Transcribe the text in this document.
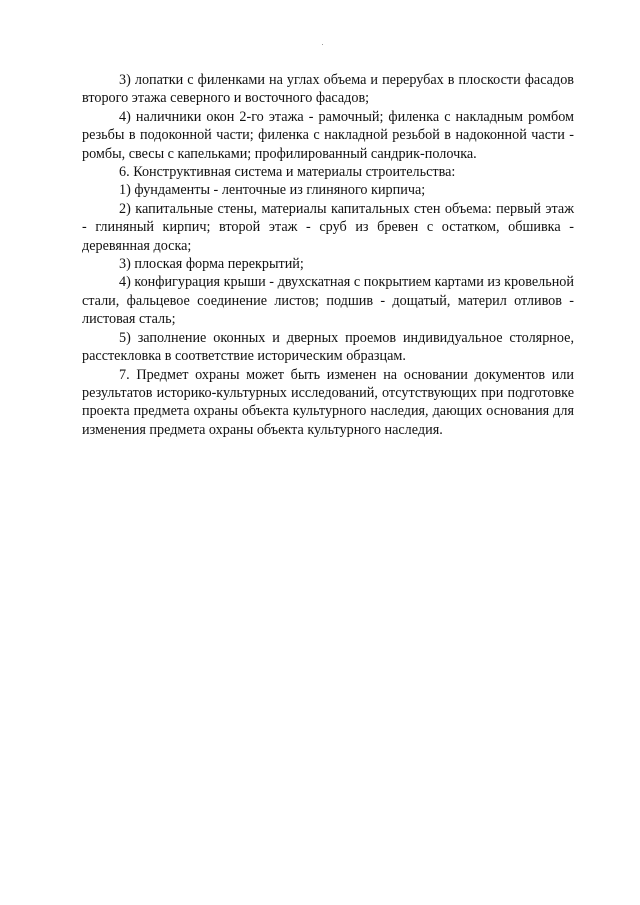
3) лопатки с филенками на углах объема и перерубах в плоскости фасадов второго этажа северного и восточного фасадов;

4) наличники окон 2-го этажа - рамочный; филенка с накладным ромбом резьбы в подоконной части; филенка с накладной резьбой в надоконной части - ромбы, свесы с капельками; профилированный сандрик-полочка.

6. Конструктивная система и материалы строительства:

1) фундаменты - ленточные из глиняного кирпича;

2) капитальные стены, материалы капитальных стен объема: первый этаж - глиняный кирпич; второй этаж - сруб из бревен с остатком, обшивка - деревянная доска;

3) плоская форма перекрытий;

4) конфигурация крыши - двухскатная с покрытием картами из кровельной стали, фальцевое соединение листов; подшив - дощатый, материл отливов - листовая сталь;

5) заполнение оконных и дверных проемов индивидуальное столярное, расстекловка в соответствие историческим образцам.

7. Предмет охраны может быть изменен на основании документов или результатов историко-культурных исследований, отсутствующих при подготовке проекта предмета охраны объекта культурного наследия, дающих основания для изменения предмета охраны объекта культурного наследия.
